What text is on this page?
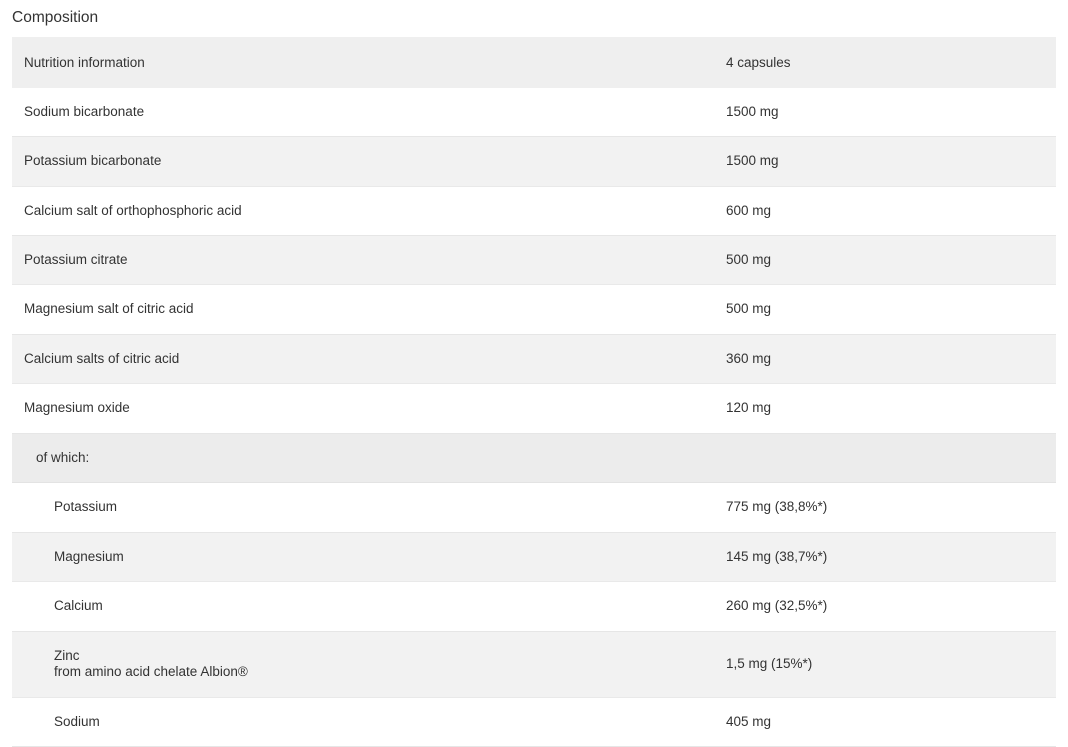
Composition
Nutrition information	4 capsules
Sodium bicarbonate	1500 mg
Potassium bicarbonate	1500 mg
Calcium salt of orthophosphoric acid	600 mg
Potassium citrate	500 mg
Magnesium salt of citric acid	500 mg
Calcium salts of citric acid	360 mg
Magnesium oxide	120 mg
of which:	
Potassium	775 mg (38,8%*)
Magnesium	145 mg (38,7%*)
Calcium	260 mg (32,5%*)

Zinc
from amino acid chelate Albion®	1,5 mg (15%*)
Sodium	405 mg
